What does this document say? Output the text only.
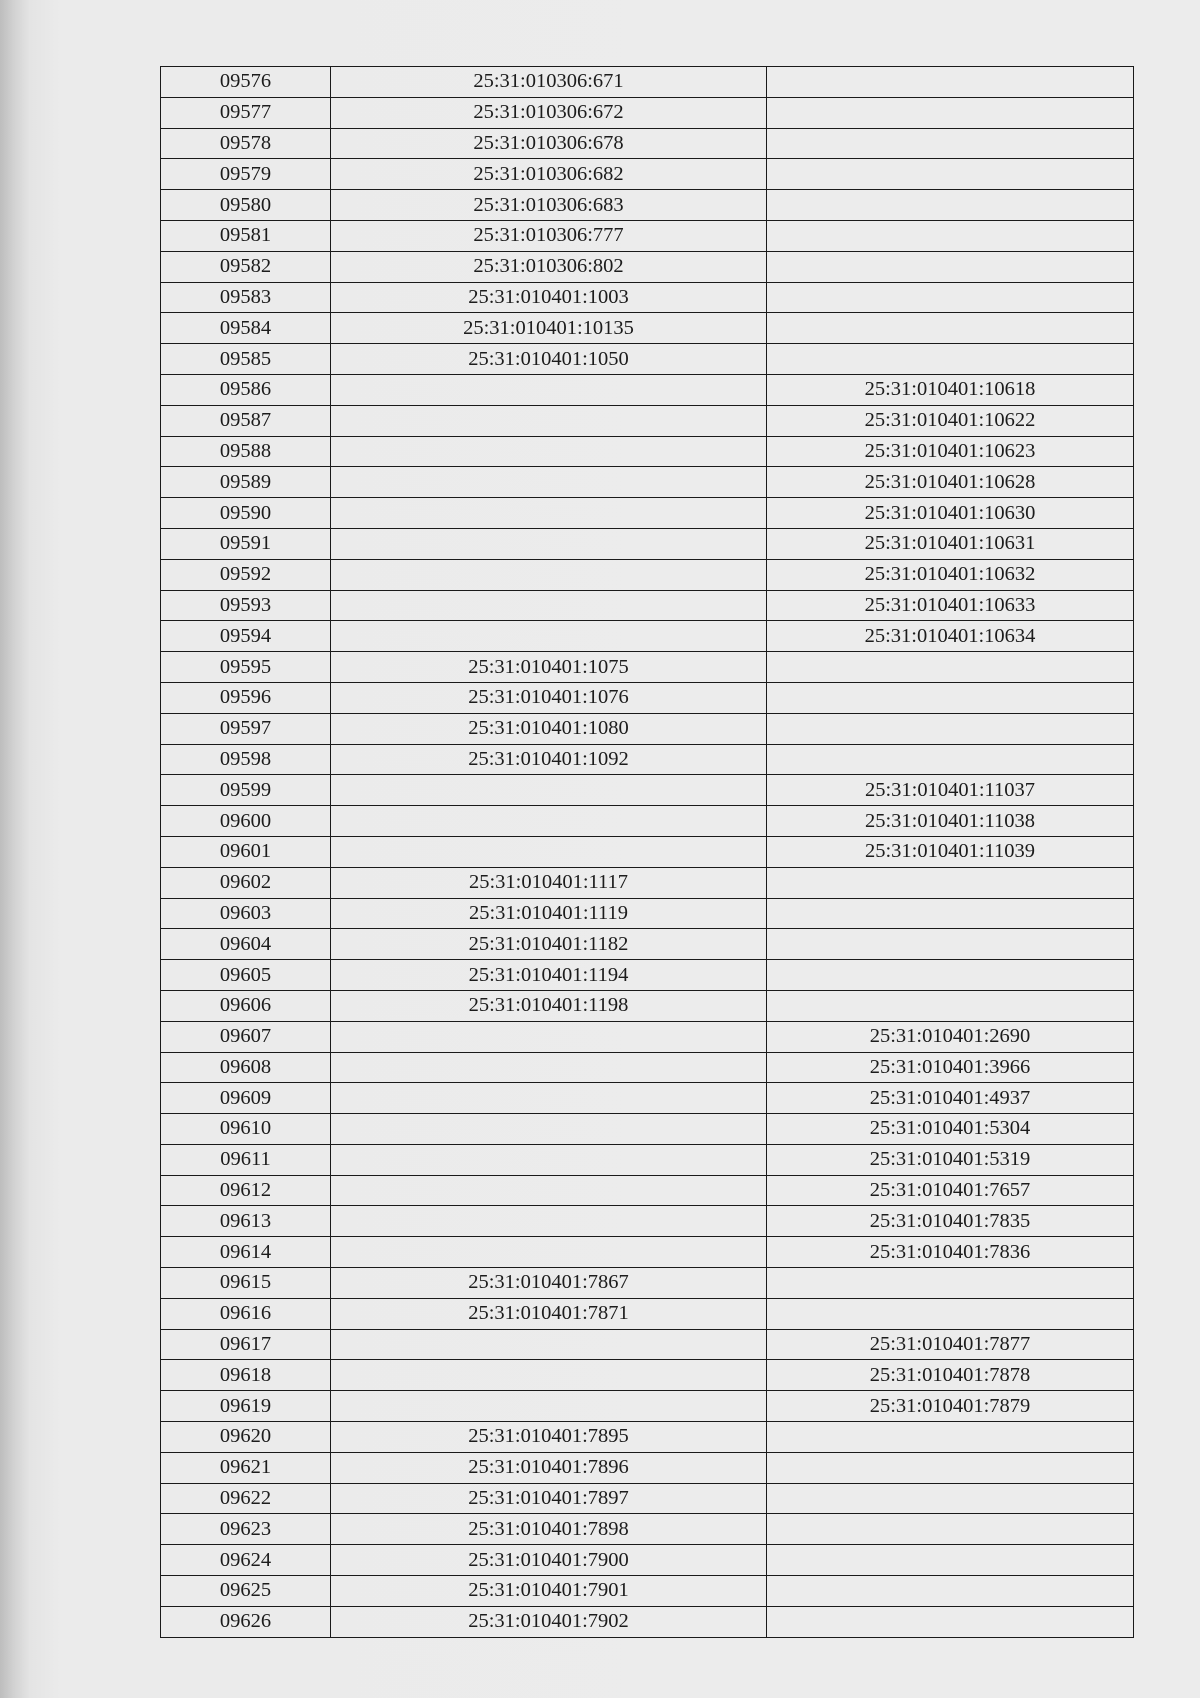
09576	25:31:010306:671	
09577	25:31:010306:672	
09578	25:31:010306:678	
09579	25:31:010306:682	
09580	25:31:010306:683	
09581	25:31:010306:777	
09582	25:31:010306:802	
09583	25:31:010401:1003	
09584	25:31:010401:10135	
09585	25:31:010401:1050	
09586		25:31:010401:10618
09587		25:31:010401:10622
09588		25:31:010401:10623
09589		25:31:010401:10628
09590		25:31:010401:10630
09591		25:31:010401:10631
09592		25:31:010401:10632
09593		25:31:010401:10633
09594		25:31:010401:10634
09595	25:31:010401:1075	
09596	25:31:010401:1076	
09597	25:31:010401:1080	
09598	25:31:010401:1092	
09599		25:31:010401:11037
09600		25:31:010401:11038
09601		25:31:010401:11039
09602	25:31:010401:1117	
09603	25:31:010401:1119	
09604	25:31:010401:1182	
09605	25:31:010401:1194	
09606	25:31:010401:1198	
09607		25:31:010401:2690
09608		25:31:010401:3966
09609		25:31:010401:4937
09610		25:31:010401:5304
09611		25:31:010401:5319
09612		25:31:010401:7657
09613		25:31:010401:7835
09614		25:31:010401:7836
09615	25:31:010401:7867	
09616	25:31:010401:7871	
09617		25:31:010401:7877
09618		25:31:010401:7878
09619		25:31:010401:7879
09620	25:31:010401:7895	
09621	25:31:010401:7896	
09622	25:31:010401:7897	
09623	25:31:010401:7898	
09624	25:31:010401:7900	
09625	25:31:010401:7901	
09626	25:31:010401:7902	
